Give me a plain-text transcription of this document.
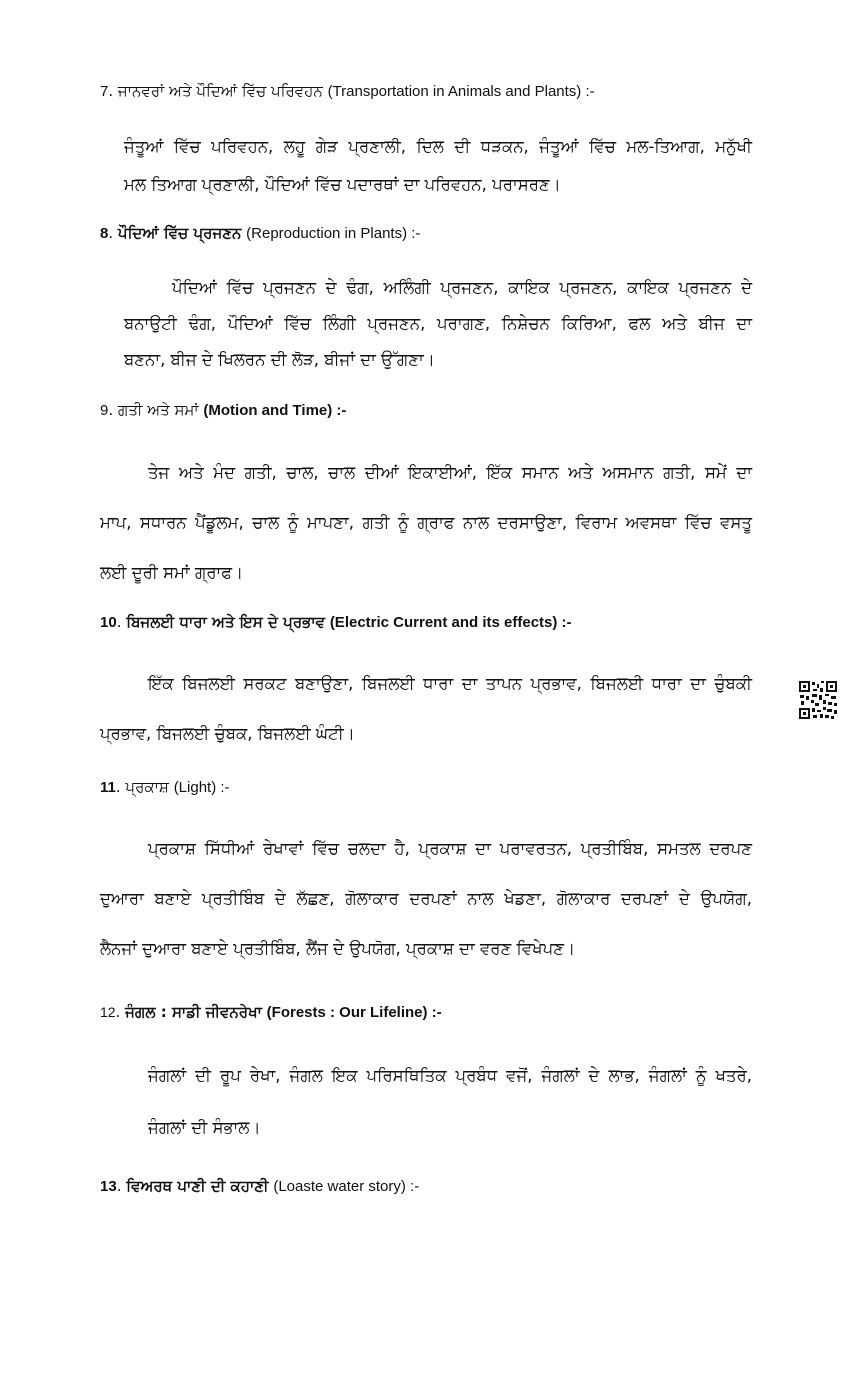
7. ਜਾਨਵਰਾਂ ਅਤੇ ਪੌਦਿਆਂ ਵਿੱਚ ਪਰਿਵਹਨ (Transportation in Animals and Plants) :-
ਜੰਤੂਆਂ ਵਿੱਚ ਪਰਿਵਹਨ, ਲਹੂ ਗੇੜ ਪ੍ਰਣਾਲੀ, ਦਿਲ ਦੀ ਧੜਕਨ, ਜੰਤੂਆਂ ਵਿੱਚ ਮਲ-ਤਿਆਗ, ਮਨੁੱਖੀ
ਮਲ ਤਿਆਗ ਪ੍ਰਣਾਲੀ, ਪੌਦਿਆਂ ਵਿੱਚ ਪਦਾਰਥਾਂ ਦਾ ਪਰਿਵਹਨ, ਪਰਾਸਰਣ।
8. ਪੌਦਿਆਂ ਵਿੱਚ ਪ੍ਰਜਣਨ (Reproduction in Plants) :-
ਪੌਦਿਆਂ ਵਿੱਚ ਪ੍ਰਜਣਨ ਦੇ ਢੰਗ, ਅਲਿੰਗੀ ਪ੍ਰਜਣਨ, ਕਾਇਕ ਪ੍ਰਜਣਨ, ਕਾਇਕ ਪ੍ਰਜਣਨ ਦੇ
ਬਨਾਉਟੀ ਢੰਗ, ਪੌਦਿਆਂ ਵਿੱਚ ਲਿੰਗੀ ਪ੍ਰਜਣਨ, ਪਰਾਗਣ, ਨਿਸ਼ੇਚਨ ਕਿਰਿਆ, ਫਲ ਅਤੇ ਬੀਜ ਦਾ
ਬਣਨਾ, ਬੀਜ ਦੇ ਖਿਲਰਨ ਦੀ ਲੋੜ, ਬੀਜਾਂ ਦਾ ਉੱਗਣਾ।
9. ਗਤੀ ਅਤੇ ਸਮਾਂ (Motion and Time) :-
ਤੇਜ ਅਤੇ ਮੰਦ ਗਤੀ, ਚਾਲ, ਚਾਲ ਦੀਆਂ ਇਕਾਈਆਂ, ਇੱਕ ਸਮਾਨ ਅਤੇ ਅਸਮਾਨ ਗਤੀ, ਸਮੇਂ ਦਾ
ਮਾਪ, ਸਧਾਰਨ ਪੈਂਡੂਲਮ, ਚਾਲ ਨੂੰ ਮਾਪਣਾ, ਗਤੀ ਨੂੰ ਗ੍ਰਾਫ ਨਾਲ ਦਰਸਾਉਣਾ, ਵਿਰਾਮ ਅਵਸਥਾ ਵਿੱਚ ਵਸਤੂ
ਲਈ ਦੂਰੀ ਸਮਾਂ ਗ੍ਰਾਫ।
10. ਬਿਜਲਈ ਧਾਰਾ ਅਤੇ ਇਸ ਦੇ ਪ੍ਰਭਾਵ (Electric Current and its effects) :-
ਇੱਕ ਬਿਜਲਈ ਸਰਕਟ ਬਣਾਉਣਾ, ਬਿਜਲਈ ਧਾਰਾ ਦਾ ਤਾਪਨ ਪ੍ਰਭਾਵ, ਬਿਜਲਈ ਧਾਰਾ ਦਾ ਚੁੰਬਕੀ
ਪ੍ਰਭਾਵ, ਬਿਜਲਈ ਚੁੰਬਕ, ਬਿਜਲਈ ਘੰਟੀ।
11. ਪ੍ਰਕਾਸ਼ (Light) :-
ਪ੍ਰਕਾਸ਼ ਸਿੱਧੀਆਂ ਰੇਖਾਵਾਂ ਵਿੱਚ ਚਲਦਾ ਹੈ, ਪ੍ਰਕਾਸ਼ ਦਾ ਪਰਾਵਰਤਨ, ਪ੍ਰਤੀਬਿੰਬ, ਸਮਤਲ ਦਰਪਣ
ਦੁਆਰਾ ਬਣਾਏ ਪ੍ਰਤੀਬਿੰਬ ਦੇ ਲੱਛਣ, ਗੋਲਾਕਾਰ ਦਰਪਣਾਂ ਨਾਲ ਖੇਡਣਾ, ਗੋਲਾਕਾਰ ਦਰਪਣਾਂ ਦੇ ਉਪਯੋਗ,
ਲੈਨਜਾਂ ਦੁਆਰਾ ਬਣਾਏ ਪ੍ਰਤੀਬਿੰਬ, ਲੈਂਜ ਦੇ ਉਪਯੋਗ, ਪ੍ਰਕਾਸ਼ ਦਾ ਵਰਣ ਵਿਖੇਪਣ।
12. ਜੰਗਲ : ਸਾਡੀ ਜੀਵਨਰੇਖਾ (Forests : Our Lifeline) :-
ਜੰਗਲਾਂ ਦੀ ਰੂਪ ਰੇਖਾ, ਜੰਗਲ ਇਕ ਪਰਿਸਥਿਤਿਕ ਪ੍ਰਬੰਧ ਵਜੋਂ, ਜੰਗਲਾਂ ਦੇ ਲਾਭ, ਜੰਗਲਾਂ ਨੂੰ ਖਤਰੇ,
ਜੰਗਲਾਂ ਦੀ ਸੰਭਾਲ।
13. ਵਿਅਰਥ ਪਾਣੀ ਦੀ ਕਹਾਣੀ (Loaste water story) :-
